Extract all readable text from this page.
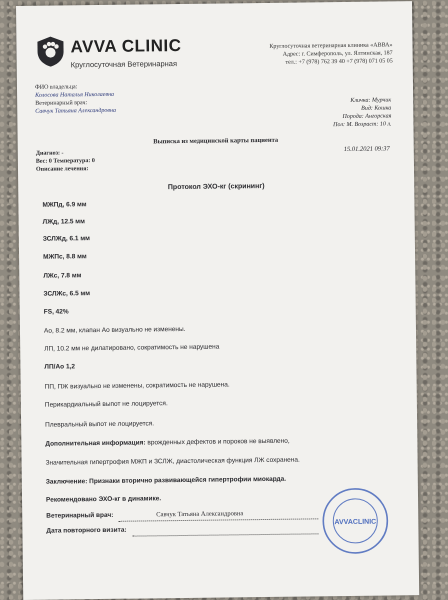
AVVA CLINIC
Круглосуточная Ветеринарная
Круглосуточная ветеринарная клиника «АВВА»
Адрес: г. Симферополь, ул. Ялтинская, 187
тел.: +7 (978) 762 39 40 +7 (978) 071 05 05
ФИО владельца:
Колосова Наталья Николаевна
Ветеринарный врач:
Савчук Татьяна Александровна
Кличка: Мурчик
Вид: Кошка
Порода: Ангорская
Пол: М. Возраст: 10 л.
Выписка из медицинской карты пациента
15.01.2021 09:37
Диагноз: -
Вес: 0 Температура: 0
Описание лечения:
Протокол ЭХО-кг (скрининг)
МЖПд, 6.9 мм
ЛЖд, 12.5 мм
ЗСЛЖд, 6.1 мм
МЖПс, 8.8 мм
ЛЖс, 7.8 мм
ЗСЛЖс, 6.5 мм
FS, 42%
Ао, 8.2 мм, клапан Ао визуально не изменены.
ЛП, 10.2 мм не дилатировано, сократимость не нарушена
ЛП/Ао 1,2
ПП, ПЖ визуально не изменены, сократимость не нарушена.
Перикардиальный выпот не лоцируется.
Плевральный выпот не лоцируется.
Дополнительная информация: врожденных дефектов и пороков не выявлено,
Значительная гипертрофия МЖП и ЗСЛЖ, диастолическая функция ЛЖ сохранена.
Заключение: Признаки вторично развивающейся гипертрофии миокарда.
Рекомендовано ЭХО-кг в динамике.
Ветеринарный врач:	Савчук Татьяна Александровна
Дата повторного визита:
AVVACLINIC
